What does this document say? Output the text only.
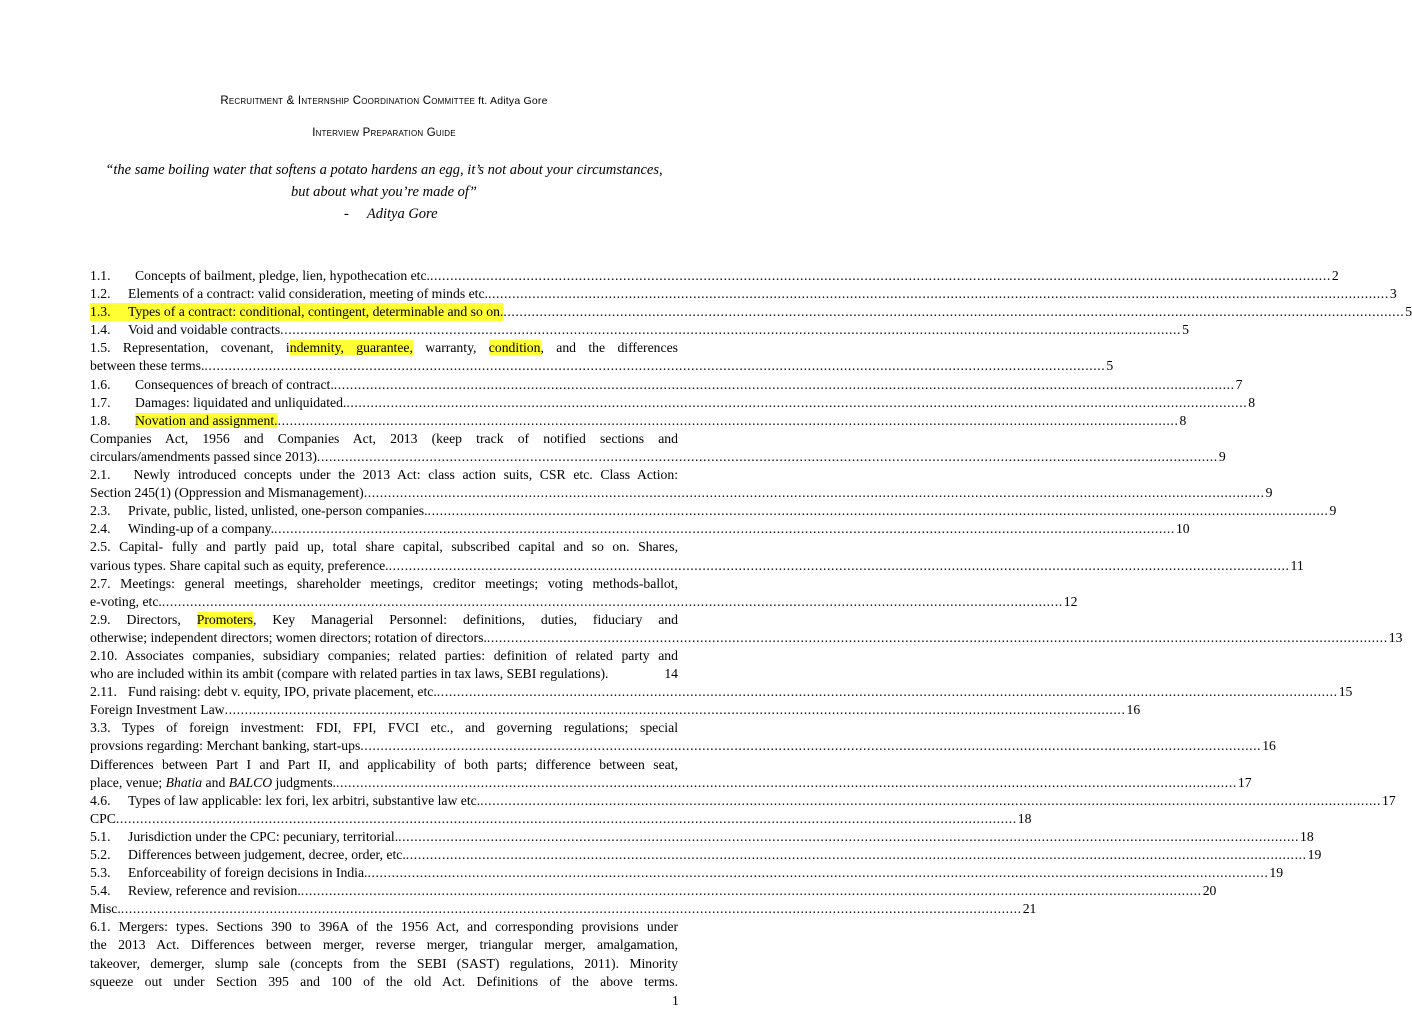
Recruitment & Internship Coordination Committee ft. Aditya Gore
Interview Preparation Guide
“the same boiling water that softens a potato hardens an egg, it’s not about your circumstances,
but about what you’re made of”
- Aditya Gore
1.1. Concepts of bailment, pledge, lien, hypothecation etc. .....	2
1.2. Elements of a contract: valid consideration, meeting of minds etc. .....	3
1.3. Types of a contract: conditional, contingent, determinable and so on. .....	5
1.4. Void and voidable contracts .....	5
1.5. Representation, covenant, indemnity, guarantee, warranty, condition, and the differences
between these terms. .....	5
1.6. Consequences of breach of contract. .....	7
1.7. Damages: liquidated and unliquidated. .....	8
1.8. Novation and assignment. .....	8
Companies Act, 1956 and Companies Act, 2013 (keep track of notified sections and
circulars/amendments passed since 2013) .....	9
2.1.   Newly introduced concepts under the 2013 Act: class action suits, CSR etc. Class Action:
Section 245(1) (Oppression and Mismanagement) .....	9
2.3. Private, public, listed, unlisted, one-person companies. .....	9
2.4. Winding-up of a company. .....	10
2.5. Capital- fully and partly paid up, total share capital, subscribed capital and so on. Shares,
various types. Share capital such as equity, preference. .....	11
2.7. Meetings: general meetings, shareholder meetings, creditor meetings; voting methods-ballot,
e-voting, etc. .....	12
2.9. Directors, Promoters, Key Managerial Personnel: definitions, duties, fiduciary and
otherwise; independent directors; women directors; rotation of directors. .....	13
2.10. Associates companies, subsidiary companies; related parties: definition of related party and
who are included within its ambit (compare with related parties in tax laws, SEBI regulations).	14
2.11. Fund raising: debt v. equity, IPO, private placement, etc. .....	15
Foreign Investment Law .....	16
3.3. Types of foreign investment: FDI, FPI, FVCI etc., and governing regulations; special
provsions regarding: Merchant banking, start-ups .....	16
Differences between Part I and Part II, and applicability of both parts; difference between seat,
place, venue; Bhatia and BALCO judgments. .....	17
4.6. Types of law applicable: lex fori, lex arbitri, substantive law etc. .....	17
CPC .....	18
5.1. Jurisdiction under the CPC: pecuniary, territorial. .....	18
5.2. Differences between judgement, decree, order, etc. .....	19
5.3. Enforceability of foreign decisions in India. .....	19
5.4. Review, reference and revision. .....	20
Misc. .....	21
6.1. Mergers: types. Sections 390 to 396A of the 1956 Act, and corresponding provisions under
the 2013 Act. Differences between merger, reverse merger, triangular merger, amalgamation,
takeover, demerger, slump sale (concepts from the SEBI (SAST) regulations, 2011). Minority
squeeze out under Section 395 and 100 of the old Act. Definitions of the above terms.
1
